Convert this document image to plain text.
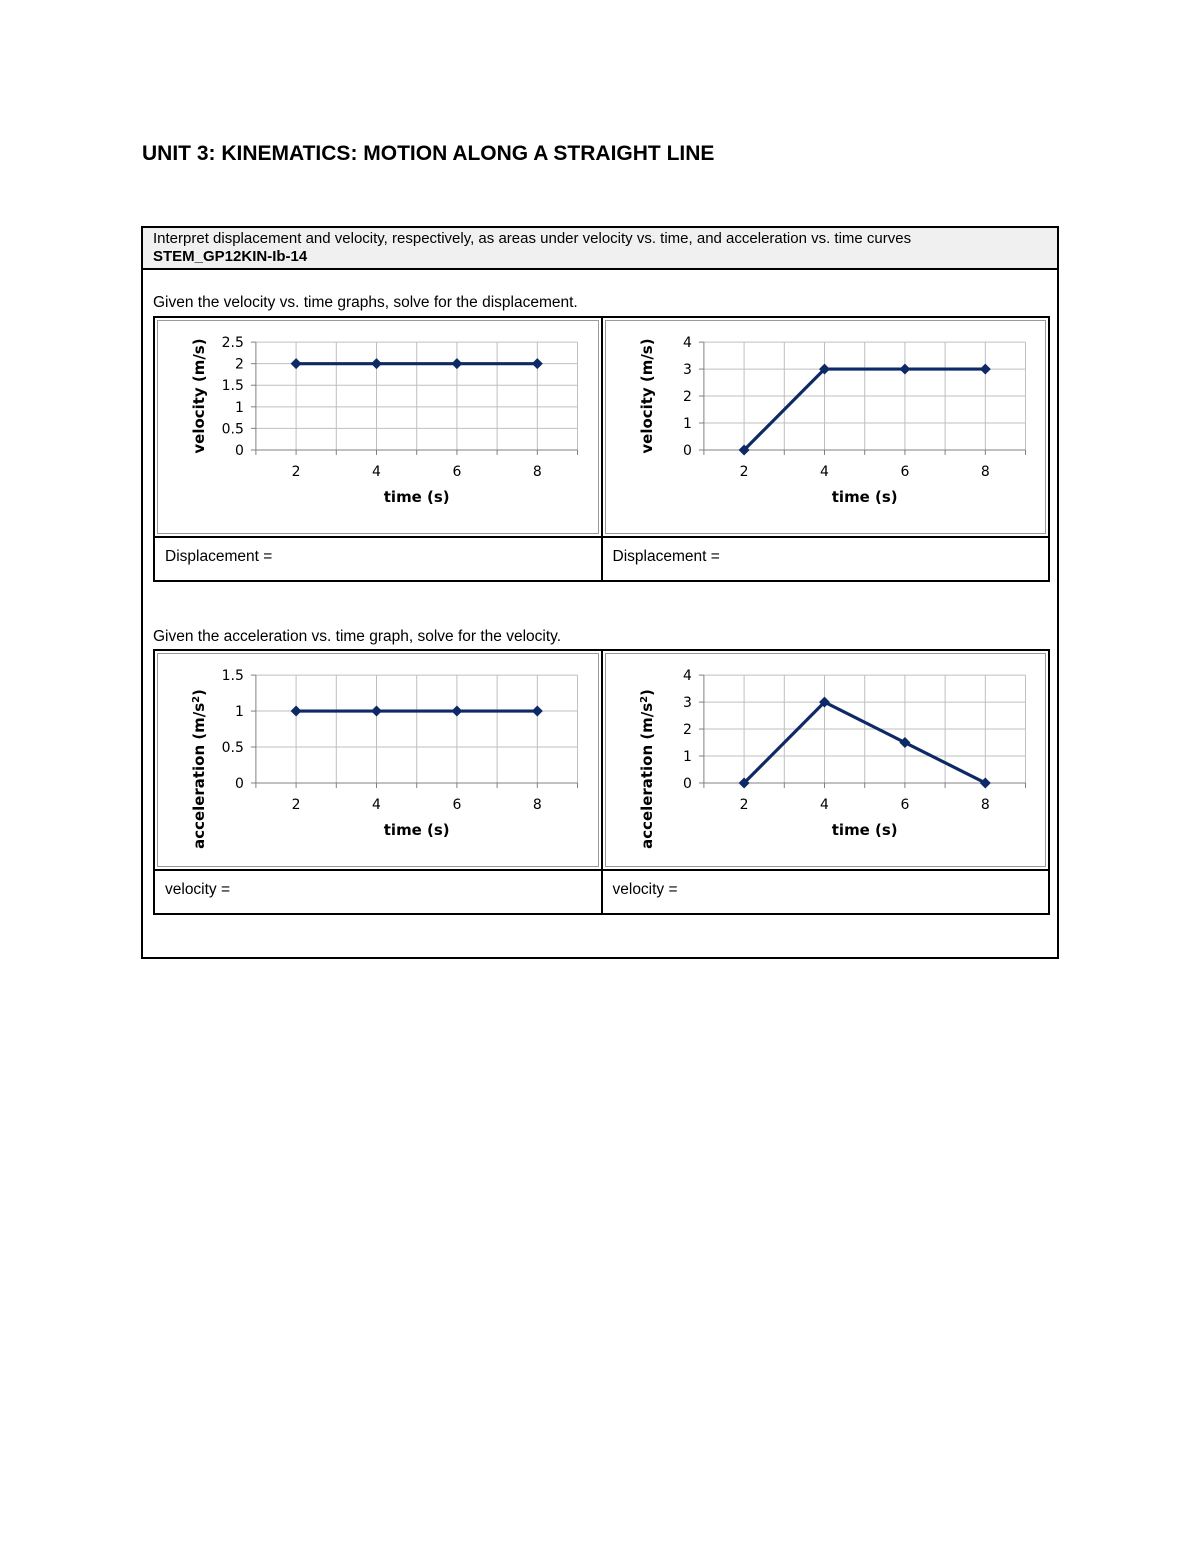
UNIT 3: KINEMATICS: MOTION ALONG A STRAIGHT LINE
Interpret displacement and velocity, respectively, as areas under velocity vs. time, and acceleration vs. time curves
STEM_GP12KIN-Ib-14
Given the velocity vs. time graphs, solve for the displacement.
0
0.5
1
1.5
2
2.5
2	4	6	8
time (s)
velocity (m/s)	0
1
2
3
4
2	4	6	8
time (s)
velocity (m/s)
Displacement =	Displacement =
Given the acceleration vs. time graph, solve for the velocity.
0
0.5
1
1.5
2	4	6	8
time (s)
acceleration $(m/s^2)$
0
1
2
3
4
2	4	6	8
time (s)
acceleration $(m/s^2)$
velocity =	velocity =
